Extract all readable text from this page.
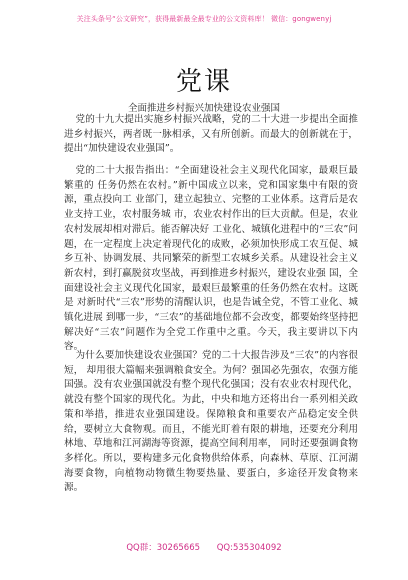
关注头条号“公文研究”，获得最新最全最专业的公文资料库！ 微信：gongwenyj
党课
全面推进乡村振兴加快建设农业强国

党的十九大提出实施乡村振兴战略，党的二十大进一步提出全面推进乡村振兴，两者既一脉相承，又有所创新。而最大的创新就在于，提出“加快建设农业强国”。

党的二十大报告指出：“全面建设社会主义现代化国家，最艰巨最繁重的 任务仍然在农村。”新中国成立以来，党和国家集中有限的资源，重点投向工 业部门，建立起独立、完整的工业体系。这背后是农业支持工业，农村服务城 市，农业农村作出的巨大贡献。但是，农业农村发展却相对滞后。能否解决好 工业化、城镇化进程中的“三农”问题，在一定程度上决定着现代化的成败，必须加快形成工农互促、城乡互补、协调发展、共同繁荣的新型工农城乡关系。从建设社会主义新农村，到打赢脱贫攻坚战，再到推进乡村振兴，建设农业强 国，全面建设社会主义现代化国家，最艰巨最繁重的任务仍然在农村。这既是 对新时代“三农”形势的清醒认识，也是告诫全党，不管工业化、城镇化进展 到哪一步，“三农”的基础地位都不会改变，都要始终坚持把解决好“三农”问题作为全党工作重中之重。今天，我主要讲以下内容。

为什么要加快建设农业强国？党的二十大报告涉及“三农”的内容很短， 却用很大篇幅来强调粮食安全。为何？强国必先强农，农强方能国强。没有农业强国就没有整个现代化强国；没有农业农村现代化，就没有整个国家的现代化。为此，中央和地方还将出台一系列相关政策和举措，推进农业强国建设。保障粮食和重要农产品稳定安全供给，要树立大食物观。而且，不能光盯着有限的耕地，还要充分利用林地、草地和江河湖海等资源，提高空间利用率， 同时还要强调食物多样化。所以，要构建多元化食物供给体系，向森林、草原、江河湖海要食物，向植物动物微生物要热量、要蛋白，多途径开发食物来源。

QQ群：30265665 QQ:535304092
